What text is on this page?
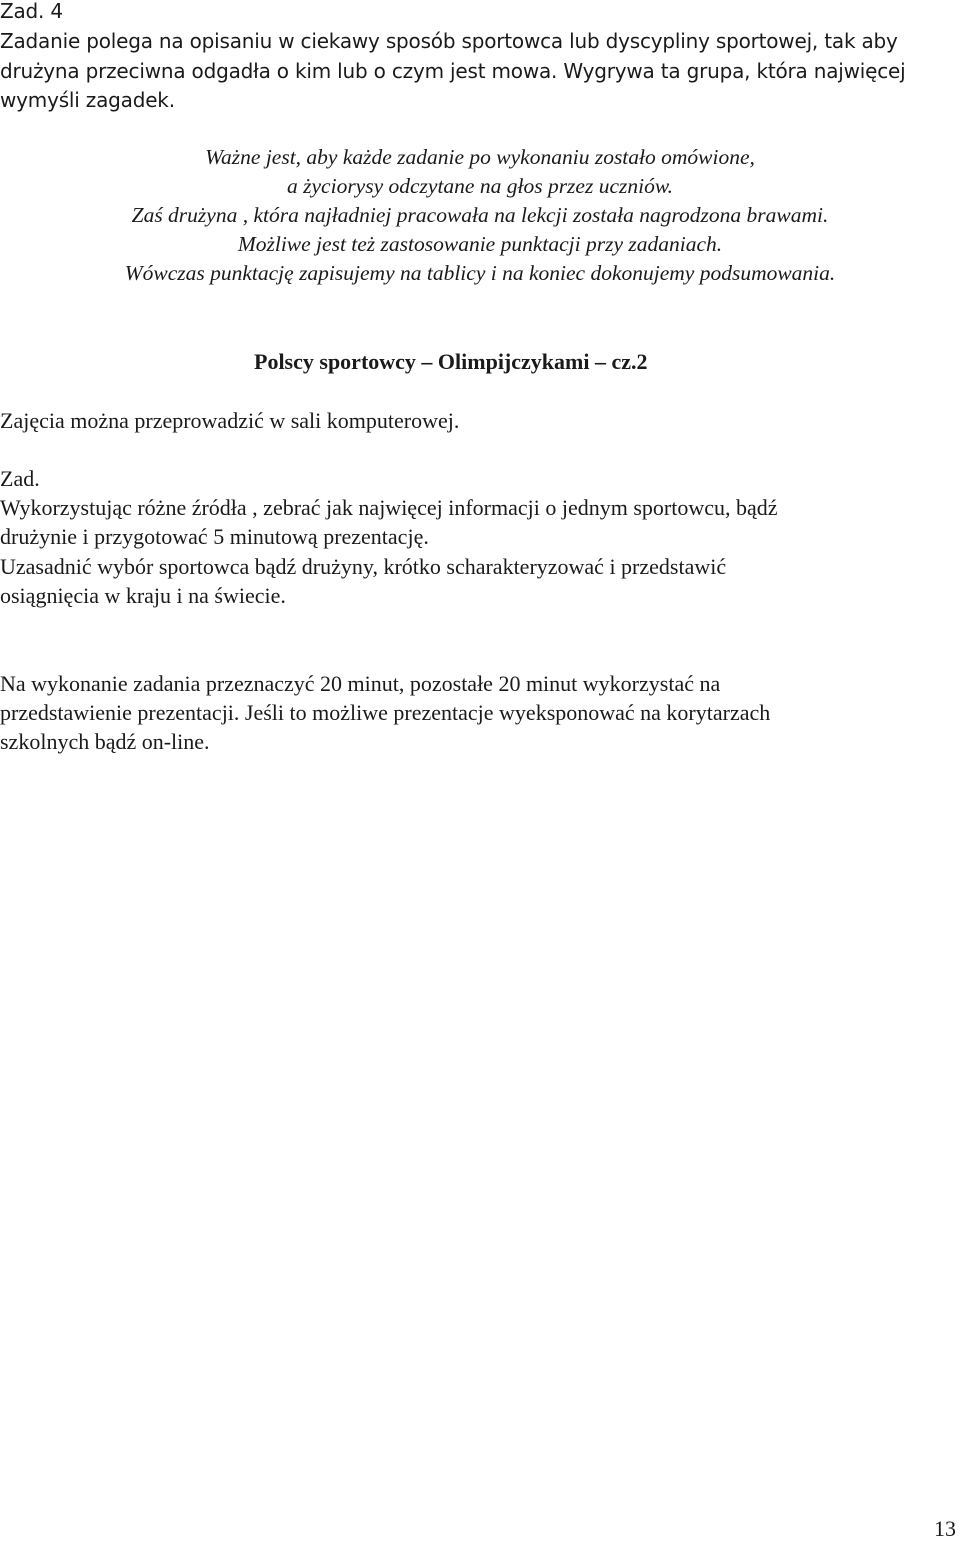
Zad. 4
Zadanie polega na opisaniu w ciekawy sposób sportowca lub dyscypliny sportowej, tak aby
drużyna przeciwna odgadła o kim lub o czym jest mowa. Wygrywa ta grupa, która najwięcej
wymyśli zagadek.
Ważne jest, aby każde zadanie po wykonaniu zostało omówione,
a życiorysy odczytane na głos przez uczniów.
Zaś drużyna , która najładniej pracowała na lekcji została nagrodzona brawami.
Możliwe jest też zastosowanie punktacji przy zadaniach.
Wówczas punktację zapisujemy na tablicy i na koniec dokonujemy podsumowania.
Polscy sportowcy – Olimpijczykami – cz.2
Zajęcia można przeprowadzić w sali komputerowej.
Zad.
Wykorzystując różne źródła , zebrać jak najwięcej informacji o jednym sportowcu, bądź
drużynie i przygotować 5 minutową prezentację.
Uzasadnić wybór sportowca bądź drużyny, krótko scharakteryzować i przedstawić
osiągnięcia w kraju i na świecie.
Na wykonanie zadania przeznaczyć 20 minut, pozostałe 20 minut wykorzystać na
przedstawienie prezentacji. Jeśli to możliwe prezentacje wyeksponować na korytarzach
szkolnych bądź on-line.
13
